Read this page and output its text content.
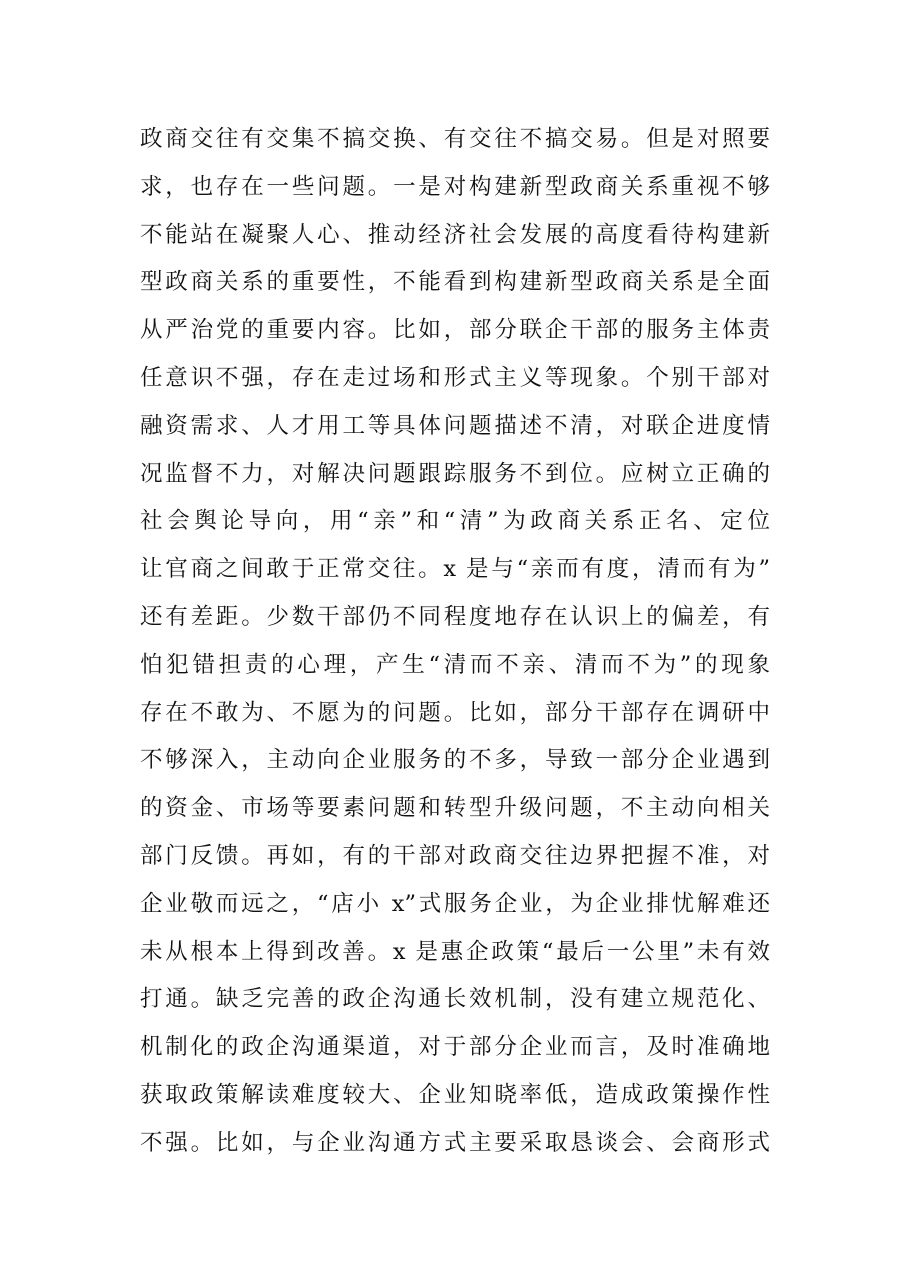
政商交往有交集不搞交换、有交往不搞交易。但是对照要
求，也存在一些问题。一是对构建新型政商关系重视不够
不能站在凝聚人心、推动经济社会发展的高度看待构建新
型政商关系的重要性，不能看到构建新型政商关系是全面
从严治党的重要内容。比如，部分联企干部的服务主体责
任意识不强，存在走过场和形式主义等现象。个别干部对
融资需求、人才用工等具体问题描述不清，对联企进度情
况监督不力，对解决问题跟踪服务不到位。应树立正确的
社会舆论导向，用“亲”和“清”为政商关系正名、定位
让官商之间敢于正常交往。x 是与“亲而有度，清而有为”
还有差距。少数干部仍不同程度地存在认识上的偏差，有
怕犯错担责的心理，产生“清而不亲、清而不为”的现象
存在不敢为、不愿为的问题。比如，部分干部存在调研中
不够深入，主动向企业服务的不多，导致一部分企业遇到
的资金、市场等要素问题和转型升级问题，不主动向相关
部门反馈。再如，有的干部对政商交往边界把握不准，对
企业敬而远之，“店小 x”式服务企业，为企业排忧解难还
未从根本上得到改善。x 是惠企政策“最后一公里”未有效
打通。缺乏完善的政企沟通长效机制，没有建立规范化、
机制化的政企沟通渠道，对于部分企业而言，及时准确地
获取政策解读难度较大、企业知晓率低，造成政策操作性
不强。比如，与企业沟通方式主要采取恳谈会、会商形式
